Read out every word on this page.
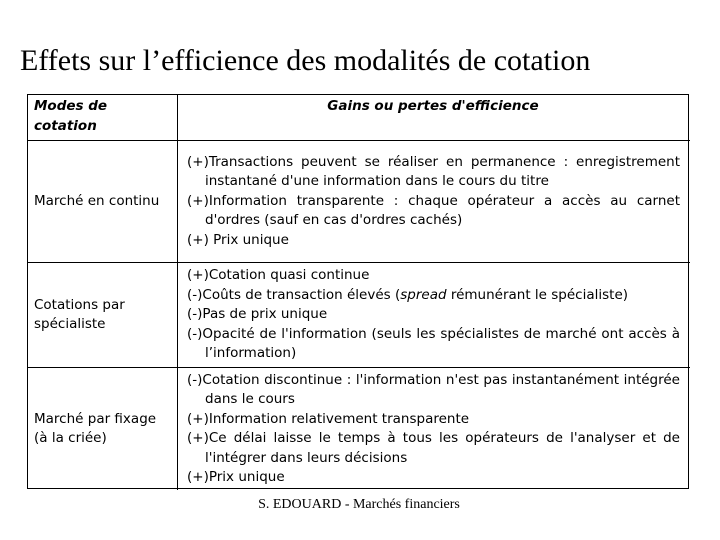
Effets sur l’efficience des modalités de cotation
Modes de cotation
Gains ou pertes d'efficience
Marché en continu
(+)Transactions peuvent se réaliser en permanence : enregistrement instantané d'une information dans le cours du titre
(+)Information transparente : chaque opérateur a accès au carnet d'ordres (sauf en cas d'ordres cachés)
(+) Prix unique
Cotations par spécialiste
(+)Cotation quasi continue
(-)Coûts de transaction élevés (spread rémunérant le spécialiste)
(-)Pas de prix unique
(-)Opacité de l'information (seuls les spécialistes de marché ont accès à l’information)
Marché par fixage (à la criée)
(-)Cotation discontinue : l'information n'est pas instantanément intégrée dans le cours
(+)Information relativement transparente
(+)Ce délai laisse le temps à tous les opérateurs de l'analyser et de l'intégrer dans leurs décisions
(+)Prix unique
S. EDOUARD - Marchés financiers
